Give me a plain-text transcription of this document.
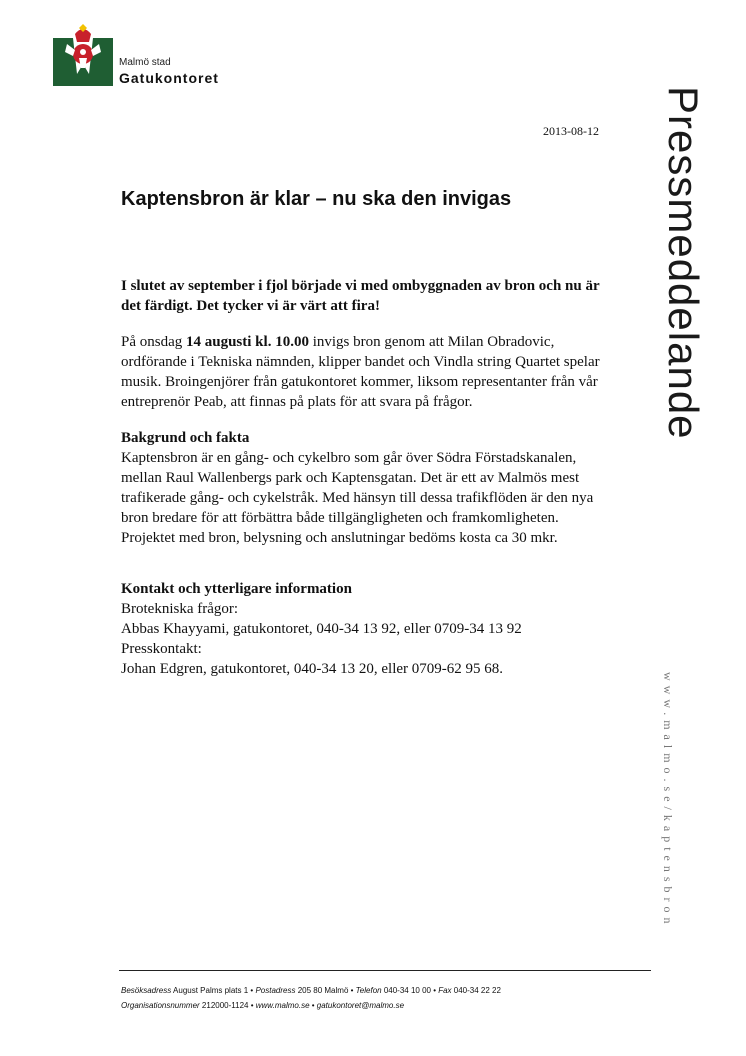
Malmö stad
Gatukontoret
2013-08-12 Pressmeddelande
www.malmo.se/kaptensbron
Kaptensbron är klar – nu ska den invigas

I slutet av september i fjol började vi med ombyggnaden av bron och nu är det färdigt. Det tycker vi är värt att fira!

På onsdag 14 augusti kl. 10.00 invigs bron genom att Milan Obradovic, ordförande i Tekniska nämnden, klipper bandet och Vindla string Quartet spelar musik. Broingenjörer från gatukontoret kommer, liksom representanter från vår entreprenör Peab, att finnas på plats för att svara på frågor.

Bakgrund och fakta
Kaptensbron är en gång- och cykelbro som går över Södra Förstadskanalen, mellan Raul Wallenbergs park och Kaptensgatan. Det är ett av Malmös mest trafikerade gång- och cykelstråk. Med hänsyn till dessa trafikflöden är den nya bron bredare för att förbättra både tillgängligheten och framkomligheten. Projektet med bron, belysning och anslutningar bedöms kosta ca 30 mkr.

Kontakt och ytterligare information
Brotekniska frågor:
Abbas Khayyami, gatukontoret, 040-34 13 92, eller 0709-34 13 92
Presskontakt:
Johan Edgren, gatukontoret, 040-34 13 20, eller 0709-62 95 68.

Besöksadress August Palms plats 1 • Postadress 205 80 Malmö • Telefon 040-34 10 00 • Fax 040-34 22 22
Organisationsnummer 212000-1124 • www.malmo.se • gatukontoret@malmo.se
